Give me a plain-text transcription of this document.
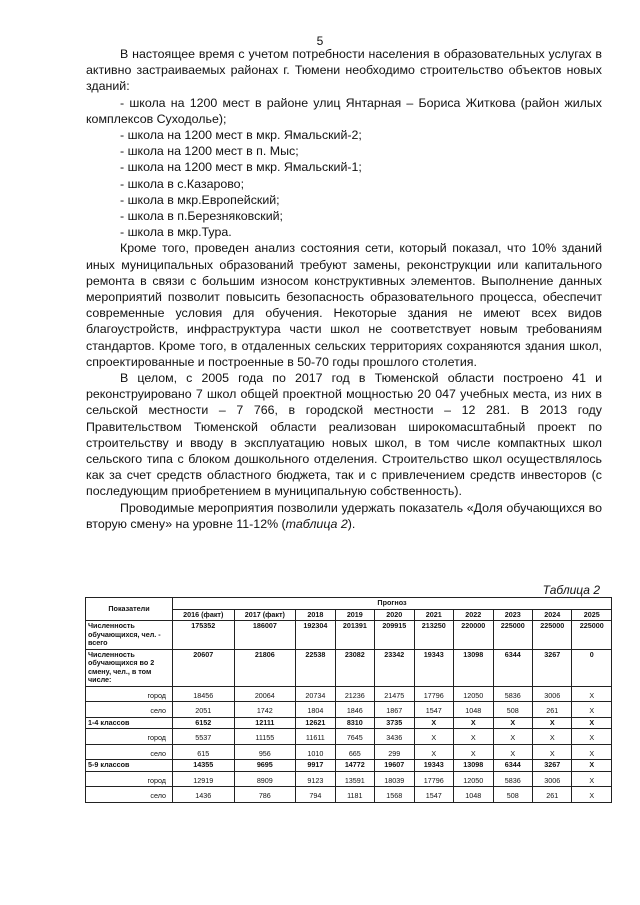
5

В настоящее время с учетом потребности населения в образовательных услугах в активно застраиваемых районах г. Тюмени необходимо строительство объектов новых зданий:

- школа на 1200 мест в районе улиц Янтарная – Бориса Житкова (район жилых комплексов Суходолье);

- школа на 1200 мест в мкр. Ямальский-2;

- школа на 1200 мест в п. Мыс;

- школа на 1200 мест в мкр. Ямальский-1;

- школа в с.Казарово;

- школа в мкр.Европейский;

- школа в п.Березняковский;

- школа в мкр.Тура.

Кроме того, проведен анализ состояния сети, который показал, что 10% зданий иных муниципальных образований требуют замены, реконструкции или капитального ремонта в связи с большим износом конструктивных элементов. Выполнение данных мероприятий позволит повысить безопасность образовательного процесса, обеспечит современные условия для обучения. Некоторые здания не имеют всех видов благоустройств, инфраструктура части школ не соответствует новым требованиям стандартов. Кроме того, в отдаленных сельских территориях сохраняются здания школ, спроектированные и построенные в 50-70 годы прошлого столетия.

В целом, с 2005 года по 2017 год в Тюменской области построено 41 и реконструировано 7 школ общей проектной мощностью 20 047 учебных места, из них в сельской местности – 7 766, в городской местности – 12 281. В 2013 году Правительством Тюменской области реализован широкомасштабный проект по строительству и вводу в эксплуатацию новых школ, в том числе компактных школ сельского типа с блоком дошкольного отделения. Строительство школ осуществлялось как за счет средств областного бюджета, так и с привлечением средств инвесторов (с последующим приобретением в муниципальную собственность).

Проводимые мероприятия позволили удержать показатель «Доля обучающихся во вторую смену» на уровне 11-12% (таблица 2).

Таблица 2
Показатели	Прогноз									
	2016 (факт)	2017 (факт)	2018	2019	2020	2021	2022	2023	2024	2025
Численность обучающихся, чел. - всего	175352	186007	192304	201391	209915	213250	220000	225000	225000	225000
Численность обучающихся во 2 смену, чел., в том числе:	20607	21806	22538	23082	23342	19343	13098	6344	3267	0
город	18456	20064	20734	21236	21475	17796	12050	5836	3006	X
село	2051	1742	1804	1846	1867	1547	1048	508	261	X
1-4 классов	6152	12111	12621	8310	3735	X	X	X	X	X
город	5537	11155	11611	7645	3436	X	X	X	X	X
село	615	956	1010	665	299	X	X	X	X	X
5-9 классов	14355	9695	9917	14772	19607	19343	13098	6344	3267	X
город	12919	8909	9123	13591	18039	17796	12050	5836	3006	X
село	1436	786	794	1181	1568	1547	1048	508	261	X
